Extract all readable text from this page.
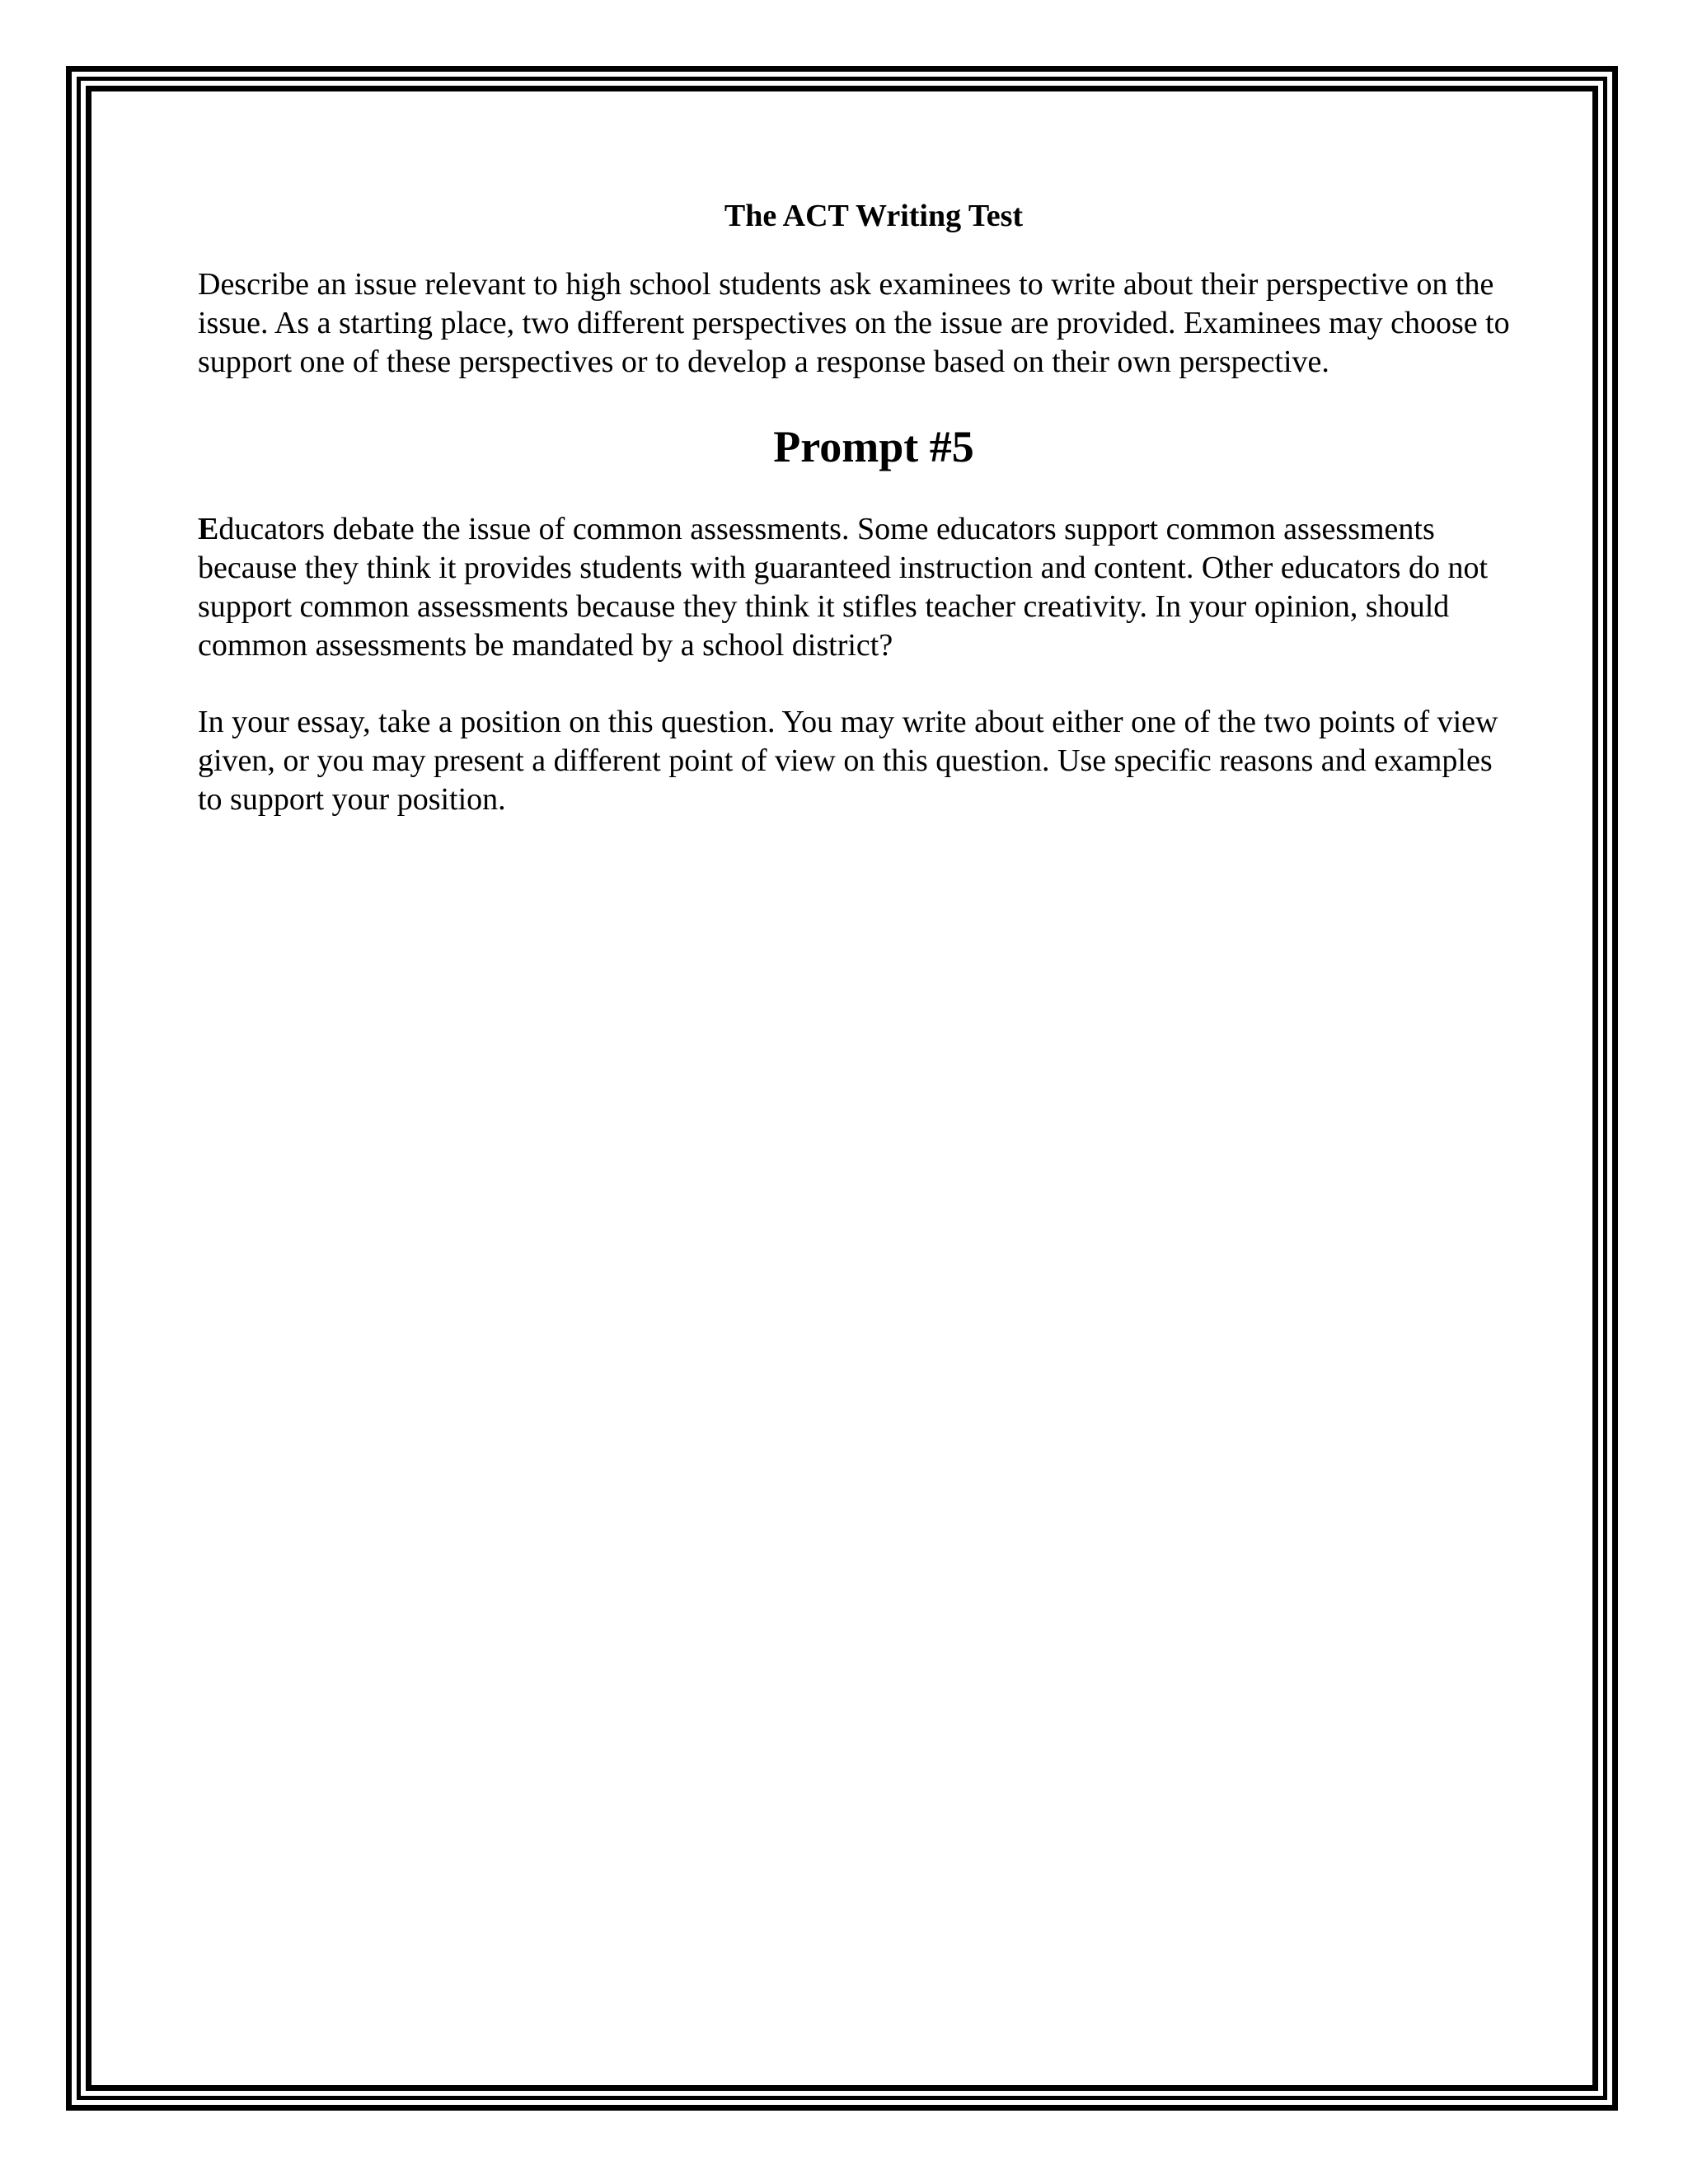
The ACT Writing Test

Describe an issue relevant to high school students ask examinees to write about their perspective on the issue. As a starting place, two different perspectives on the issue are provided. Examinees may choose to support one of these perspectives or to develop a response based on their own perspective.

Prompt #5

Educators debate the issue of common assessments. Some educators support common assessments because they think it provides students with guaranteed instruction and content. Other educators do not support common assessments because they think it stifles teacher creativity. In your opinion, should common assessments be mandated by a school district?

In your essay, take a position on this question. You may write about either one of the two points of view given, or you may present a different point of view on this question. Use specific reasons and examples to support your position.
